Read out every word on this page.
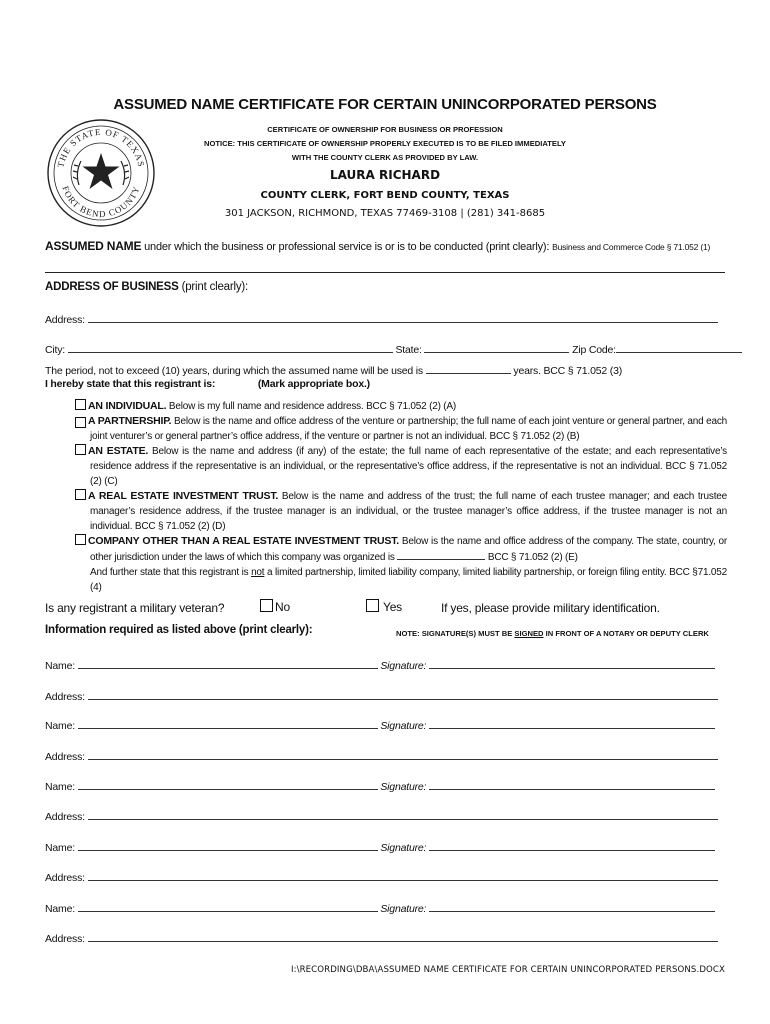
ASSUMED NAME CERTIFICATE FOR CERTAIN UNINCORPORATED PERSONS
THE STATE OF TEXAS
FORT BEND COUNTY
CERTIFICATE OF OWNERSHIP FOR BUSINESS OR PROFESSION
NOTICE: THIS CERTIFICATE OF OWNERSHIP PROPERLY EXECUTED IS TO BE FILED IMMEDIATELY
WITH THE COUNTY CLERK AS PROVIDED BY LAW.
LAURA RICHARD
COUNTY CLERK, FORT BEND COUNTY, TEXAS
301 JACKSON, RICHMOND, TEXAS 77469-3108 | (281) 341-8685
ASSUMED NAME under which the business or professional service is or is to be conducted (print clearly): Business and Commerce Code § 71.052 (1)
ADDRESS OF BUSINESS (print clearly):
Address:
City:	State:	Zip Code:
The period, not to exceed (10) years, during which the assumed name will be used is	years. BCC § 71.052 (3)
I hereby state that this registrant is:	(Mark appropriate box.)
AN INDIVIDUAL. Below is my full name and residence address. BCC § 71.052 (2) (A)
A PARTNERSHIP. Below is the name and office address of the venture or partnership; the full name of each joint venture or general partner, and each joint venturer’s or general partner’s office address, if the venture or partner is not an individual. BCC § 71.052 (2) (B)
AN ESTATE. Below is the name and address (if any) of the estate; the full name of each representative of the estate; and each representative’s residence address if the representative is an individual, or the representative’s office address, if the representative is not an individual. BCC § 71.052 (2) (C)
A REAL ESTATE INVESTMENT TRUST. Below is the name and address of the trust; the full name of each trustee manager; and each trustee manager’s residence address, if the trustee manager is an individual, or the trustee manager’s office address, if the trustee manager is not an individual. BCC § 71.052 (2) (D)
COMPANY OTHER THAN A REAL ESTATE INVESTMENT TRUST. Below is the name and office address of the company. The state, country, or other jurisdiction under the laws of which this company was organized is	BCC § 71.052 (2) (E)
And further state that this registrant is not a limited partnership, limited liability company, limited liability partnership, or foreign filing entity. BCC §71.052 (4)
Is any registrant a military veteran?	No	Yes	If yes, please provide military identification.
Information required as listed above (print clearly):	NOTE: SIGNATURE(S) MUST BE SIGNED IN FRONT OF A NOTARY OR DEPUTY CLERK
Name:	Signature:
Address:
Name:	Signature:
Address:
Name:	Signature:
Address:
Name:	Signature:
Address:
Name:	Signature:
Address:
I:\RECORDING\DBA\ASSUMED NAME CERTIFICATE FOR CERTAIN UNINCORPORATED PERSONS.DOCX
